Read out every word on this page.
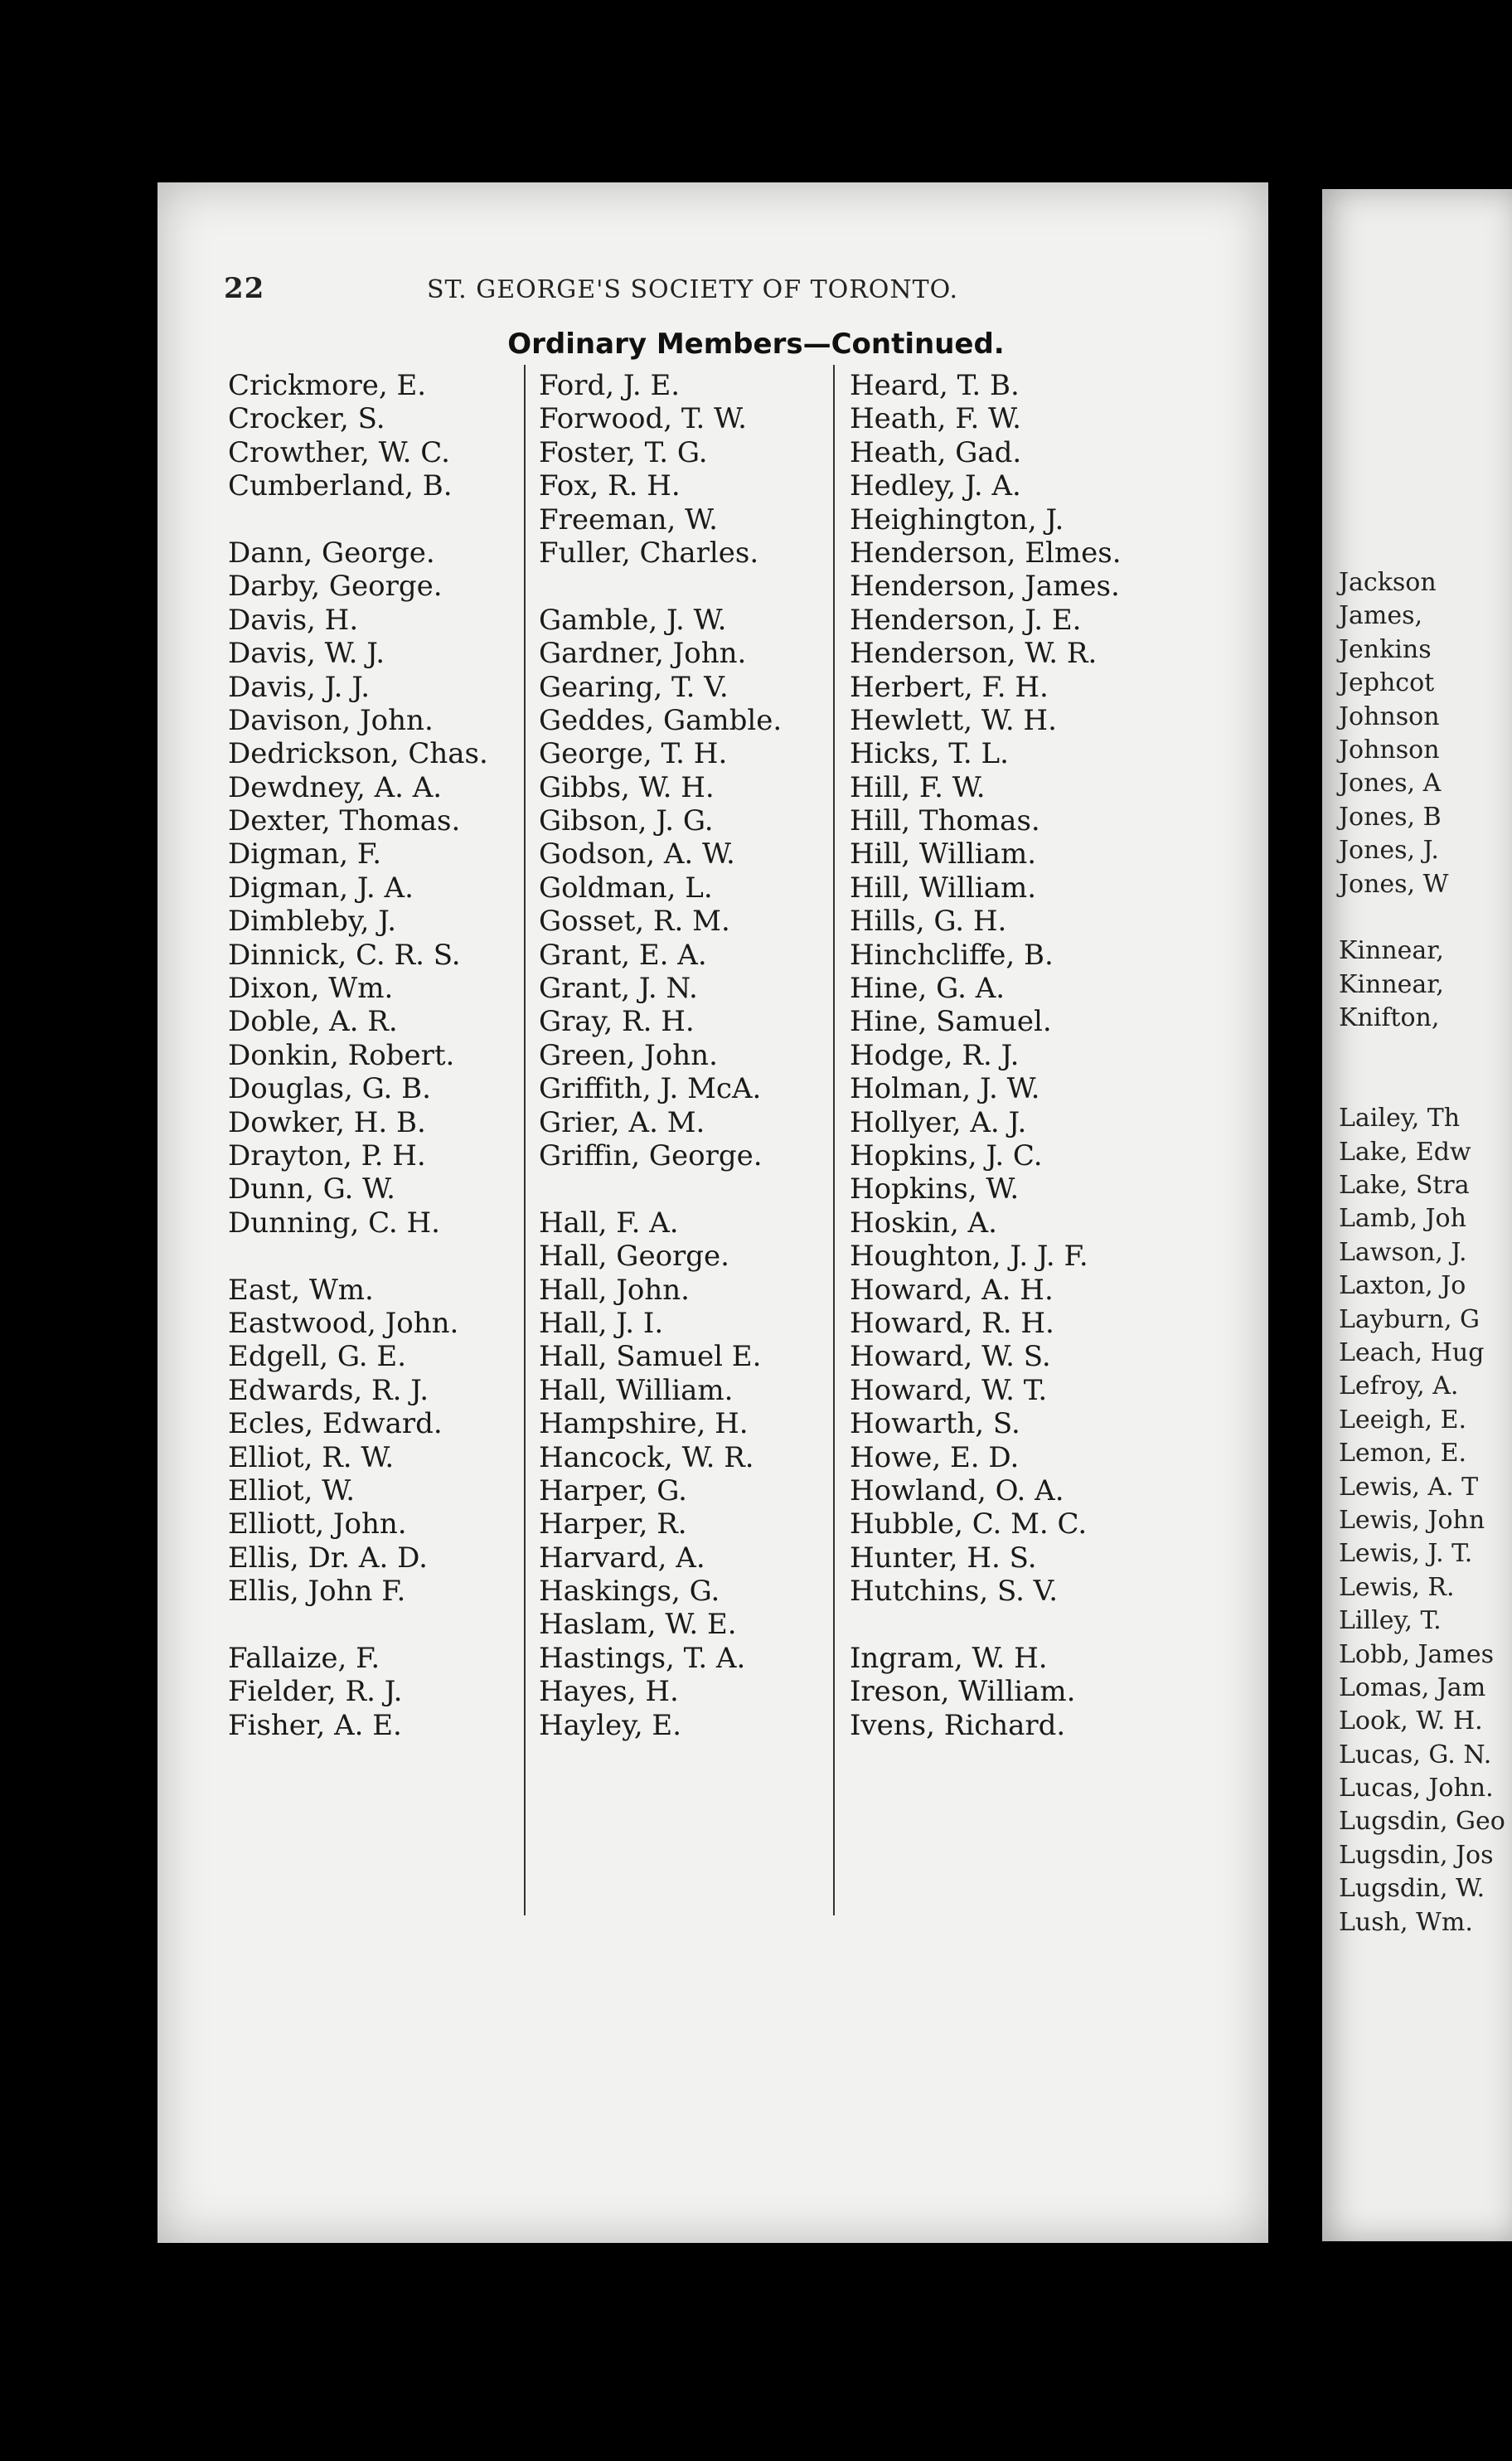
Jackson
James,
Jenkins
Jephcot
Johnson
Johnson
Jones, A
Jones, B
Jones, J.
Jones, W
Kinnear,
Kinnear,
Knifton,
Lailey, Th
Lake, Edw
Lake, Stra
Lamb, Joh
Lawson, J.
Laxton, Jo
Layburn, G
Leach, Hug
Lefroy, A.
Leeigh, E.
Lemon, E.
Lewis, A. T
Lewis, John
Lewis, J. T.
Lewis, R.
Lilley, T.
Lobb, James
Lomas, Jam
Look, W. H.
Lucas, G. N.
Lucas, John.
Lugsdin, Geo
Lugsdin, Jos
Lugsdin, W.
Lush, Wm.
22	ST. GEORGE'S SOCIETY OF TORONTO.
Ordinary Members—Continued.
Crickmore, E.
Crocker, S.
Crowther, W. C.
Cumberland, B.
Dann, George.
Darby, George.
Davis, H.
Davis, W. J.
Davis, J. J.
Davison, John.
Dedrickson, Chas.
Dewdney, A. A.
Dexter, Thomas.
Digman, F.
Digman, J. A.
Dimbleby, J.
Dinnick, C. R. S.
Dixon, Wm.
Doble, A. R.
Donkin, Robert.
Douglas, G. B.
Dowker, H. B.
Drayton, P. H.
Dunn, G. W.
Dunning, C. H.
East, Wm.
Eastwood, John.
Edgell, G. E.
Edwards, R. J.
Ecles, Edward.
Elliot, R. W.
Elliot, W.
Elliott, John.
Ellis, Dr. A. D.
Ellis, John F.
Fallaize, F.
Fielder, R. J.
Fisher, A. E.
Ford, J. E.
Forwood, T. W.
Foster, T. G.
Fox, R. H.
Freeman, W.
Fuller, Charles.
Gamble, J. W.
Gardner, John.
Gearing, T. V.
Geddes, Gamble.
George, T. H.
Gibbs, W. H.
Gibson, J. G.
Godson, A. W.
Goldman, L.
Gosset, R. M.
Grant, E. A.
Grant, J. N.
Gray, R. H.
Green, John.
Griffith, J. McA.
Grier, A. M.
Griffin, George.
Hall, F. A.
Hall, George.
Hall, John.
Hall, J. I.
Hall, Samuel E.
Hall, William.
Hampshire, H.
Hancock, W. R.
Harper, G.
Harper, R.
Harvard, A.
Haskings, G.
Haslam, W. E.
Hastings, T. A.
Hayes, H.
Hayley, E.
Heard, T. B.
Heath, F. W.
Heath, Gad.
Hedley, J. A.
Heighington, J.
Henderson, Elmes.
Henderson, James.
Henderson, J. E.
Henderson, W. R.
Herbert, F. H.
Hewlett, W. H.
Hicks, T. L.
Hill, F. W.
Hill, Thomas.
Hill, William.
Hill, William.
Hills, G. H.
Hinchcliffe, B.
Hine, G. A.
Hine, Samuel.
Hodge, R. J.
Holman, J. W.
Hollyer, A. J.
Hopkins, J. C.
Hopkins, W.
Hoskin, A.
Houghton, J. J. F.
Howard, A. H.
Howard, R. H.
Howard, W. S.
Howard, W. T.
Howarth, S.
Howe, E. D.
Howland, O. A.
Hubble, C. M. C.
Hunter, H. S.
Hutchins, S. V.
Ingram, W. H.
Ireson, William.
Ivens, Richard.
